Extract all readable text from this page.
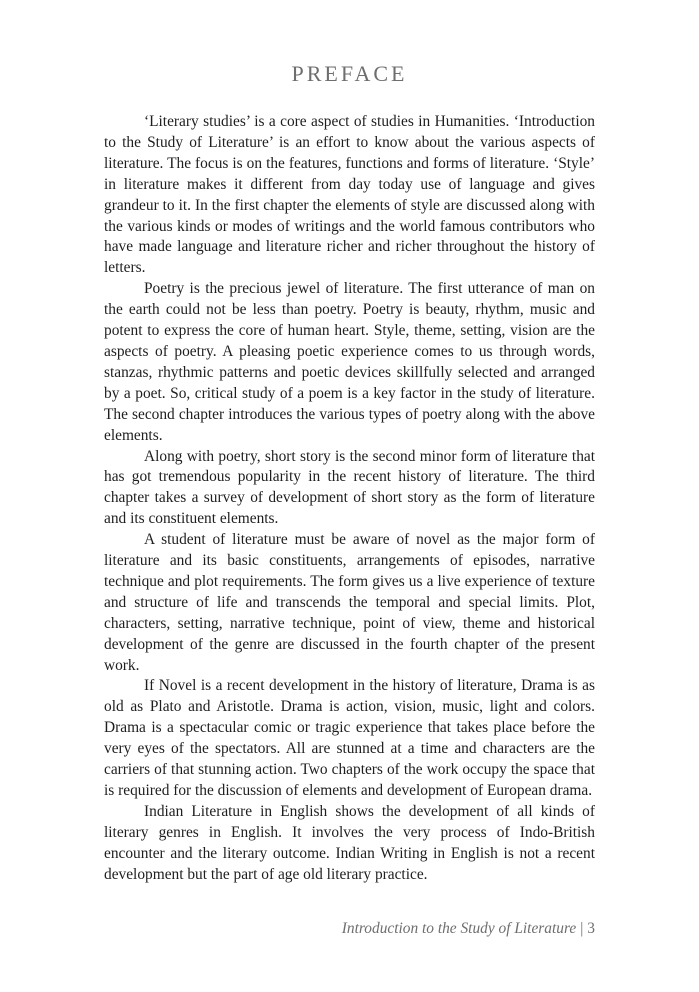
PREFACE

‘Literary studies’ is a core aspect of studies in Humanities. ‘Introduction to the Study of Literature’ is an effort to know about the various aspects of literature. The focus is on the features, functions and forms of literature. ‘Style’ in literature makes it different from day today use of language and gives grandeur to it. In the first chapter the elements of style are discussed along with the various kinds or modes of writings and the world famous contributors who have made language and literature richer and richer throughout the history of letters.

Poetry is the precious jewel of literature. The first utterance of man on the earth could not be less than poetry. Poetry is beauty, rhythm, music and potent to express the core of human heart. Style, theme, setting, vision are the aspects of poetry. A pleasing poetic experience comes to us through words, stanzas, rhythmic patterns and poetic devices skillfully selected and arranged by a poet. So, critical study of a poem is a key factor in the study of literature. The second chapter introduces the various types of poetry along with the above elements.

Along with poetry, short story is the second minor form of literature that has got tremendous popularity in the recent history of literature. The third chapter takes a survey of development of short story as the form of literature and its constituent elements.

A student of literature must be aware of novel as the major form of literature and its basic constituents, arrangements of episodes, narrative technique and plot requirements. The form gives us a live experience of texture and structure of life and transcends the temporal and special limits. Plot, characters, setting, narrative technique, point of view, theme and historical development of the genre are discussed in the fourth chapter of the present work.

If Novel is a recent development in the history of literature, Drama is as old as Plato and Aristotle. Drama is action, vision, music, light and colors. Drama is a spectacular comic or tragic experience that takes place before the very eyes of the spectators. All are stunned at a time and characters are the carriers of that stunning action. Two chapters of the work occupy the space that is required for the discussion of elements and development of European drama.

Indian Literature in English shows the development of all kinds of literary genres in English. It involves the very process of Indo-British encounter and the literary outcome. Indian Writing in English is not a recent development but the part of age old literary practice.

Introduction to the Study of Literature | 3
